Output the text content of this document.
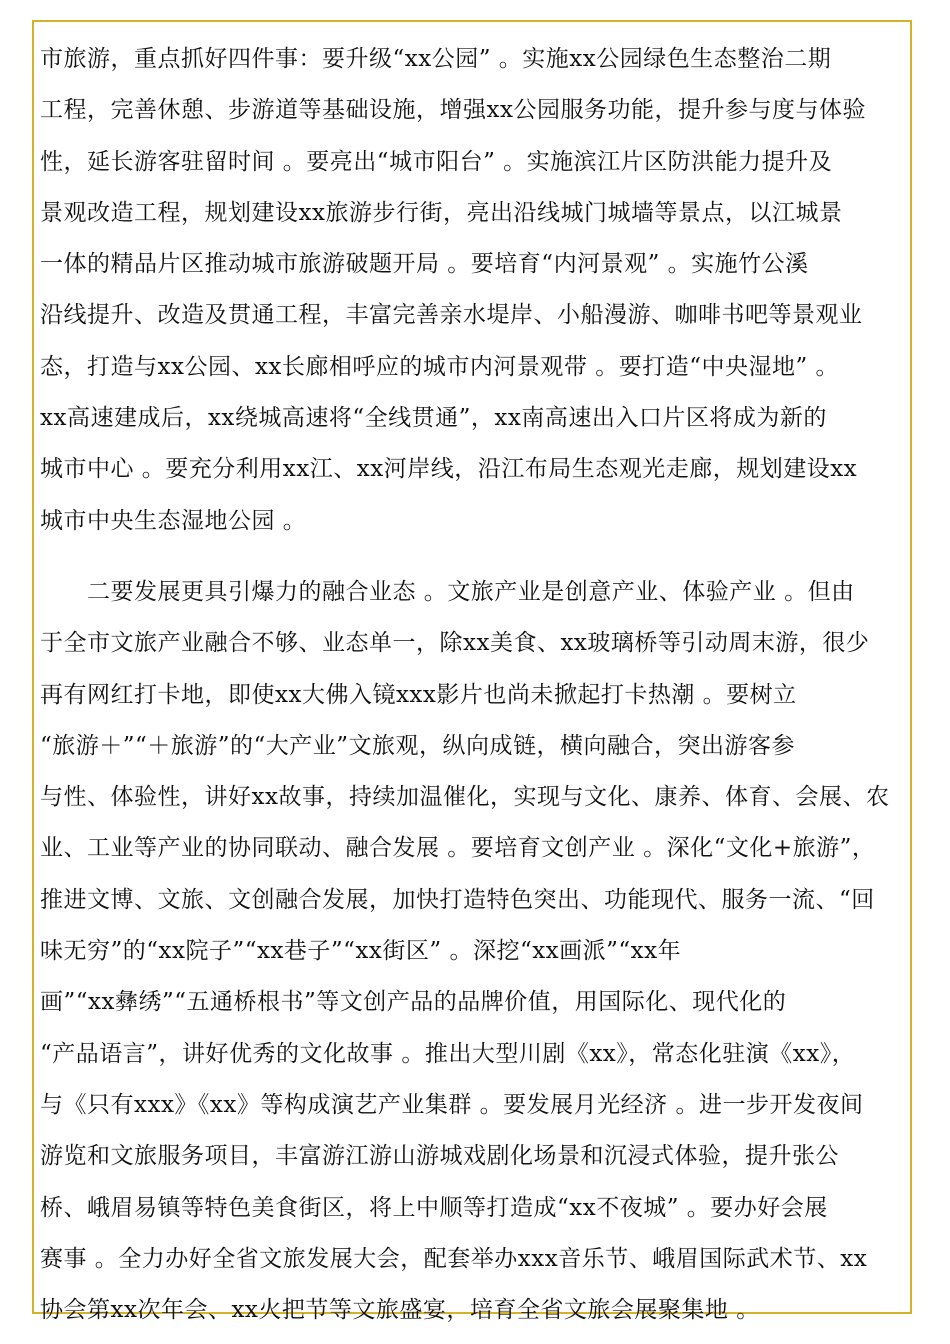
市旅游，重点抓好四件事：要升级“xx公园” 。实施xx公园绿色生态整治二期
工程，完善休憩、步游道等基础设施，增强xx公园服务功能，提升参与度与体验
性，延长游客驻留时间 。要亮出“城市阳台” 。实施滨江片区防洪能力提升及
景观改造工程，规划建设xx旅游步行街，亮出沿线城门城墙等景点，以江城景
一体的精品片区推动城市旅游破题开局 。要培育“内河景观” 。实施竹公溪
沿线提升、改造及贯通工程，丰富完善亲水堤岸、小船漫游、咖啡书吧等景观业
态，打造与xx公园、xx长廊相呼应的城市内河景观带 。要打造“中央湿地” 。
xx高速建成后，xx绕城高速将“全线贯通”，xx南高速出入口片区将成为新的
城市中心 。要充分利用xx江、xx河岸线，沿江布局生态观光走廊，规划建设xx
城市中央生态湿地公园 。
　　二要发展更具引爆力的融合业态 。文旅产业是创意产业、体验产业 。但由
于全市文旅产业融合不够、业态单一，除xx美食、xx玻璃桥等引动周末游，很少
再有网红打卡地，即使xx大佛入镜xxx影片也尚未掀起打卡热潮 。要树立
“旅游＋”“＋旅游”的“大产业”文旅观，纵向成链，横向融合，突出游客参
与性、体验性，讲好xx故事，持续加温催化，实现与文化、康养、体育、会展、农
业、工业等产业的协同联动、融合发展 。要培育文创产业 。深化“文化+旅游”，
推进文博、文旅、文创融合发展，加快打造特色突出、功能现代、服务一流、“回
味无穷”的“xx院子”“xx巷子”“xx街区” 。深挖“xx画派”“xx年
画”“xx彝绣”“五通桥根书”等文创产品的品牌价值，用国际化、现代化的
“产品语言”，讲好优秀的文化故事 。推出大型川剧《xx》，常态化驻演《xx》，
与《只有xxx》《xx》等构成演艺产业集群 。要发展月光经济 。进一步开发夜间
游览和文旅服务项目，丰富游江游山游城戏剧化场景和沉浸式体验，提升张公
桥、峨眉易镇等特色美食街区，将上中顺等打造成“xx不夜城” 。要办好会展
赛事 。全力办好全省文旅发展大会，配套举办xxx音乐节、峨眉国际武术节、xx
协会第xx次年会、xx火把节等文旅盛宴，培育全省文旅会展聚集地 。
